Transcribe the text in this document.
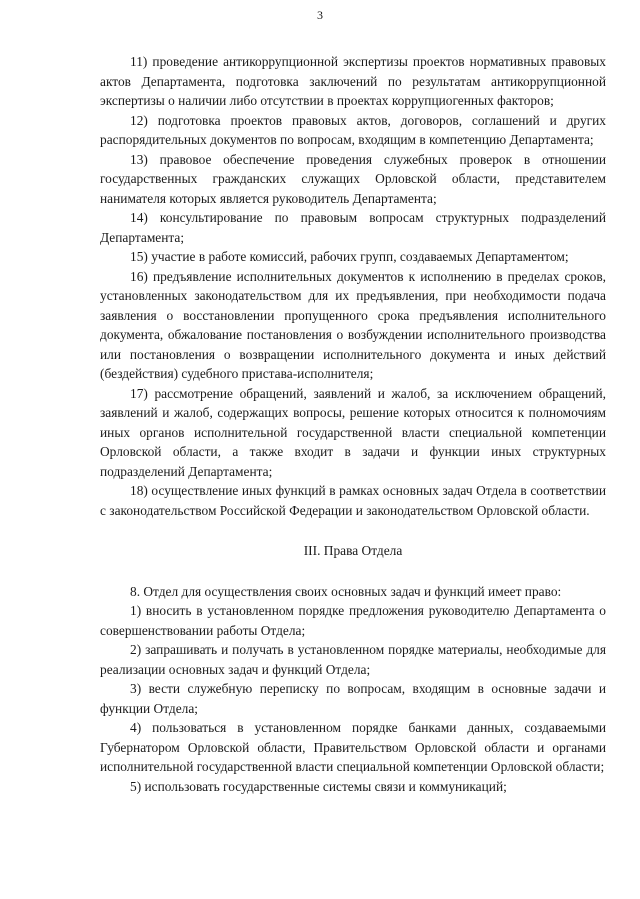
3

11) проведение антикоррупционной экспертизы проектов нормативных правовых актов Департамента, подготовка заключений по результатам антикоррупционной экспертизы о наличии либо отсутствии в проектах коррупциогенных факторов;

12) подготовка проектов правовых актов, договоров, соглашений и других распорядительных документов по вопросам, входящим в компетенцию Департамента;

13) правовое обеспечение проведения служебных проверок в отношении государственных гражданских служащих Орловской области, представителем нанимателя которых является руководитель Департамента;

14) консультирование по правовым вопросам структурных подразделений Департамента;

15) участие в работе комиссий, рабочих групп, создаваемых Департаментом;

16) предъявление исполнительных документов к исполнению в пределах сроков, установленных законодательством для их предъявления, при необходимости подача заявления о восстановлении пропущенного срока предъявления исполнительного документа, обжалование постановления о возбуждении исполнительного производства или постановления о возвращении исполнительного документа и иных действий (бездействия) судебного пристава-исполнителя;

17) рассмотрение обращений, заявлений и жалоб, за исключением обращений, заявлений и жалоб, содержащих вопросы, решение которых относится к полномочиям иных органов исполнительной государственной власти специальной компетенции Орловской области, а также входит в задачи и функции иных структурных подразделений Департамента;

18) осуществление иных функций в рамках основных задач Отдела в соответствии с законодательством Российской Федерации и законодательством Орловской области.

III. Права Отдела

8. Отдел для осуществления своих основных задач и функций имеет право:

1) вносить в установленном порядке предложения руководителю Департамента о совершенствовании работы Отдела;

2) запрашивать и получать в установленном порядке материалы, необходимые для реализации основных задач и функций Отдела;

3) вести служебную переписку по вопросам, входящим в основные задачи и функции Отдела;

4) пользоваться в установленном порядке банками данных, создаваемыми Губернатором Орловской области, Правительством Орловской области и органами исполнительной государственной власти специальной компетенции Орловской области;

5) использовать государственные системы связи и коммуникаций;
